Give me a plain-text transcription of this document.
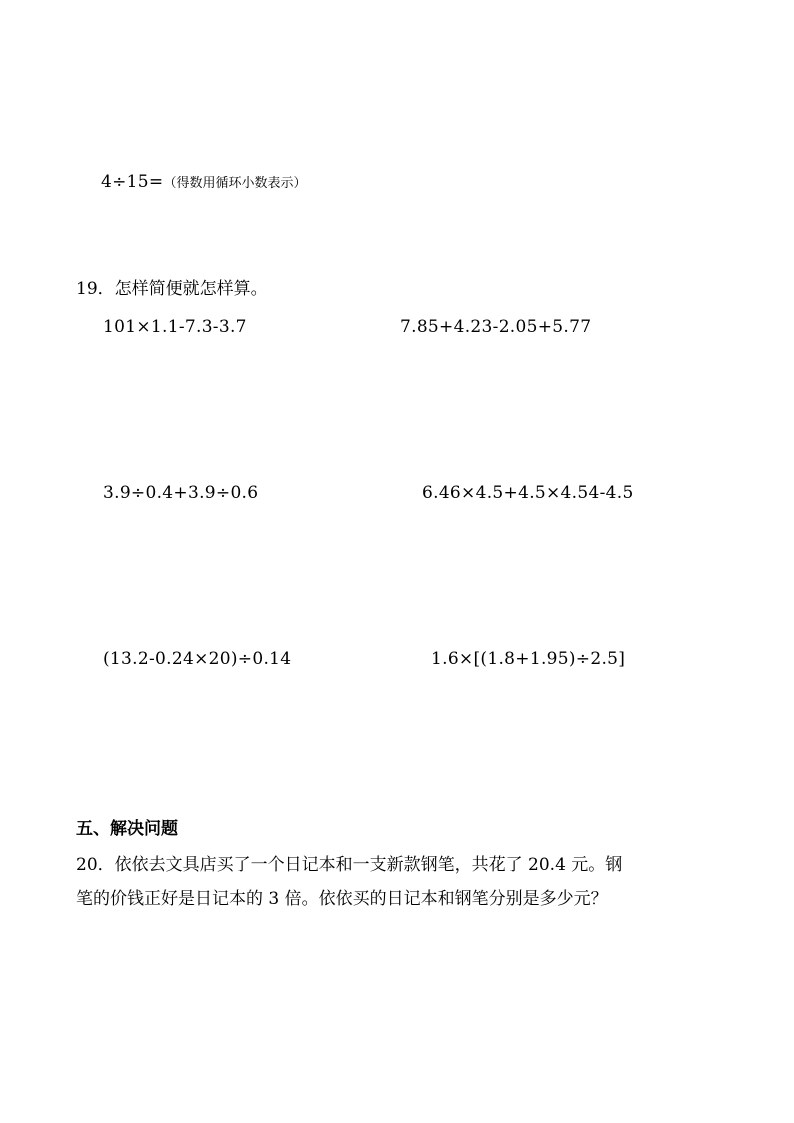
4÷15=（得数用循环小数表示）
19．怎样简便就怎样算。
101×1.1-7.3-3.7	7.85+4.23-2.05+5.77
3.9÷0.4+3.9÷0.6	6.46×4.5+4.5×4.54-4.5
(13.2-0.24×20)÷0.14	1.6×[(1.8+1.95)÷2.5]
五、解决问题
20．依依去文具店买了一个日记本和一支新款钢笔，共花了 20.4 元。钢
笔的价钱正好是日记本的 3 倍。依依买的日记本和钢笔分别是多少元？
